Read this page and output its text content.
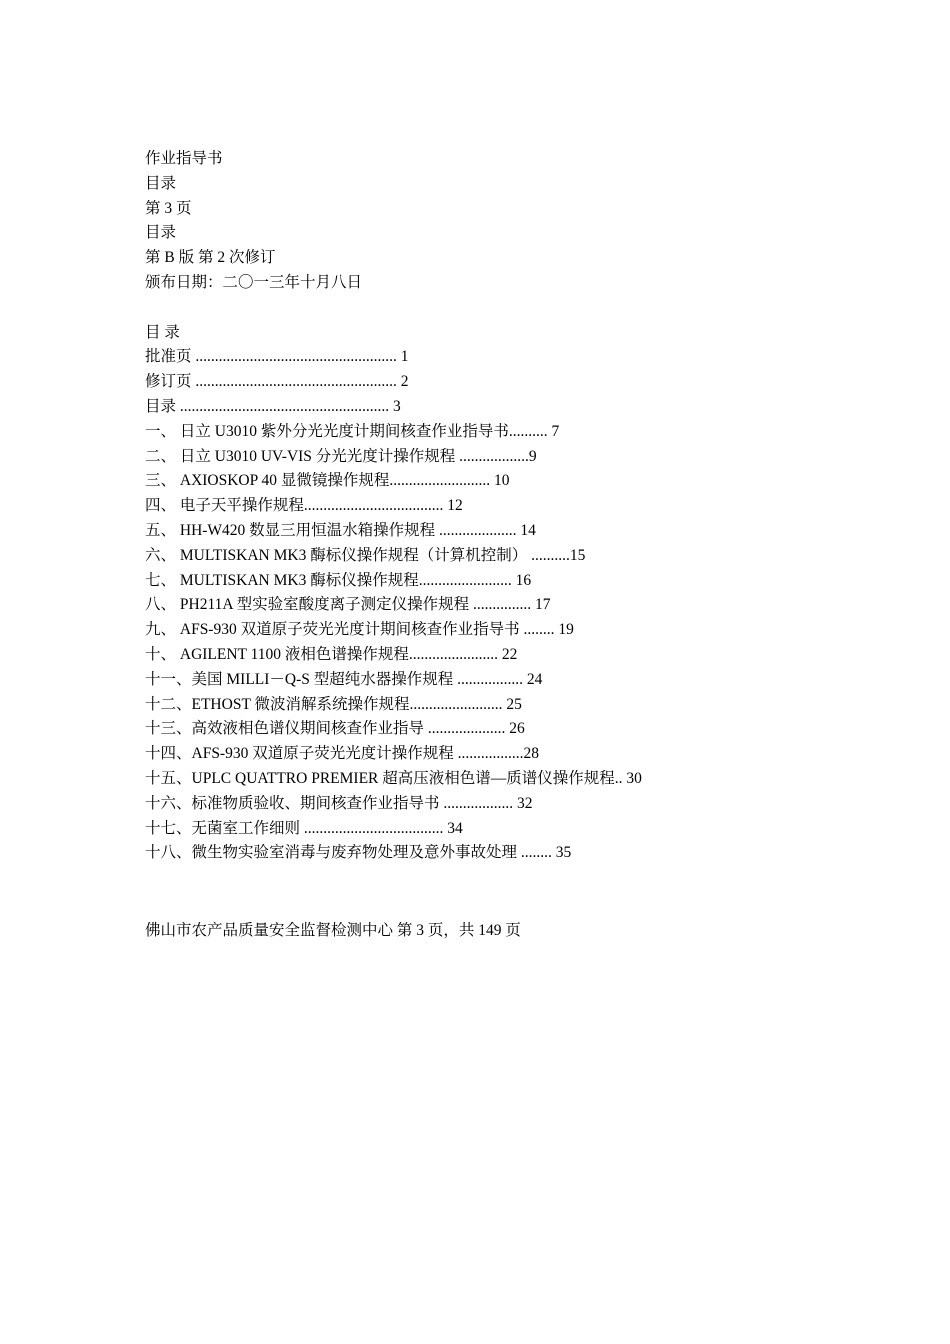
作业指导书
目录
第 3 页
目录
第 B 版 第 2 次修订
颁布日期：二〇一三年十月八日
目 录
批准页 .................................................... 1
修订页 .................................................... 2
目录 ...................................................... 3
一、 日立 U3010 紫外分光光度计期间核查作业指导书.......... 7
二、 日立 U3010 UV-VIS 分光光度计操作规程 ..................9
三、 AXIOSKOP 40 显微镜操作规程.......................... 10
四、 电子天平操作规程.................................... 12
五、 HH-W420 数显三用恒温水箱操作规程 .................... 14
六、 MULTISKAN MK3 酶标仪操作规程（计算机控制） ..........15
七、 MULTISKAN MK3 酶标仪操作规程........................ 16
八、 PH211A 型实验室酸度离子测定仪操作规程 ............... 17
九、 AFS-930 双道原子荧光光度计期间核查作业指导书 ........ 19
十、 AGILENT 1100 液相色谱操作规程....................... 22
十一、美国 MILLI－Q-S 型超纯水器操作规程 ................. 24
十二、ETHOST 微波消解系统操作规程........................ 25
十三、高效液相色谱仪期间核查作业指导 .................... 26
十四、AFS-930 双道原子荧光光度计操作规程 .................28
十五、UPLC QUATTRO PREMIER 超高压液相色谱—质谱仪操作规程.. 30
十六、标准物质验收、期间核查作业指导书 .................. 32
十七、无菌室工作细则 .................................... 34
十八、微生物实验室消毒与废弃物处理及意外事故处理 ........ 35
佛山市农产品质量安全监督检测中心 第 3 页，共 149 页
